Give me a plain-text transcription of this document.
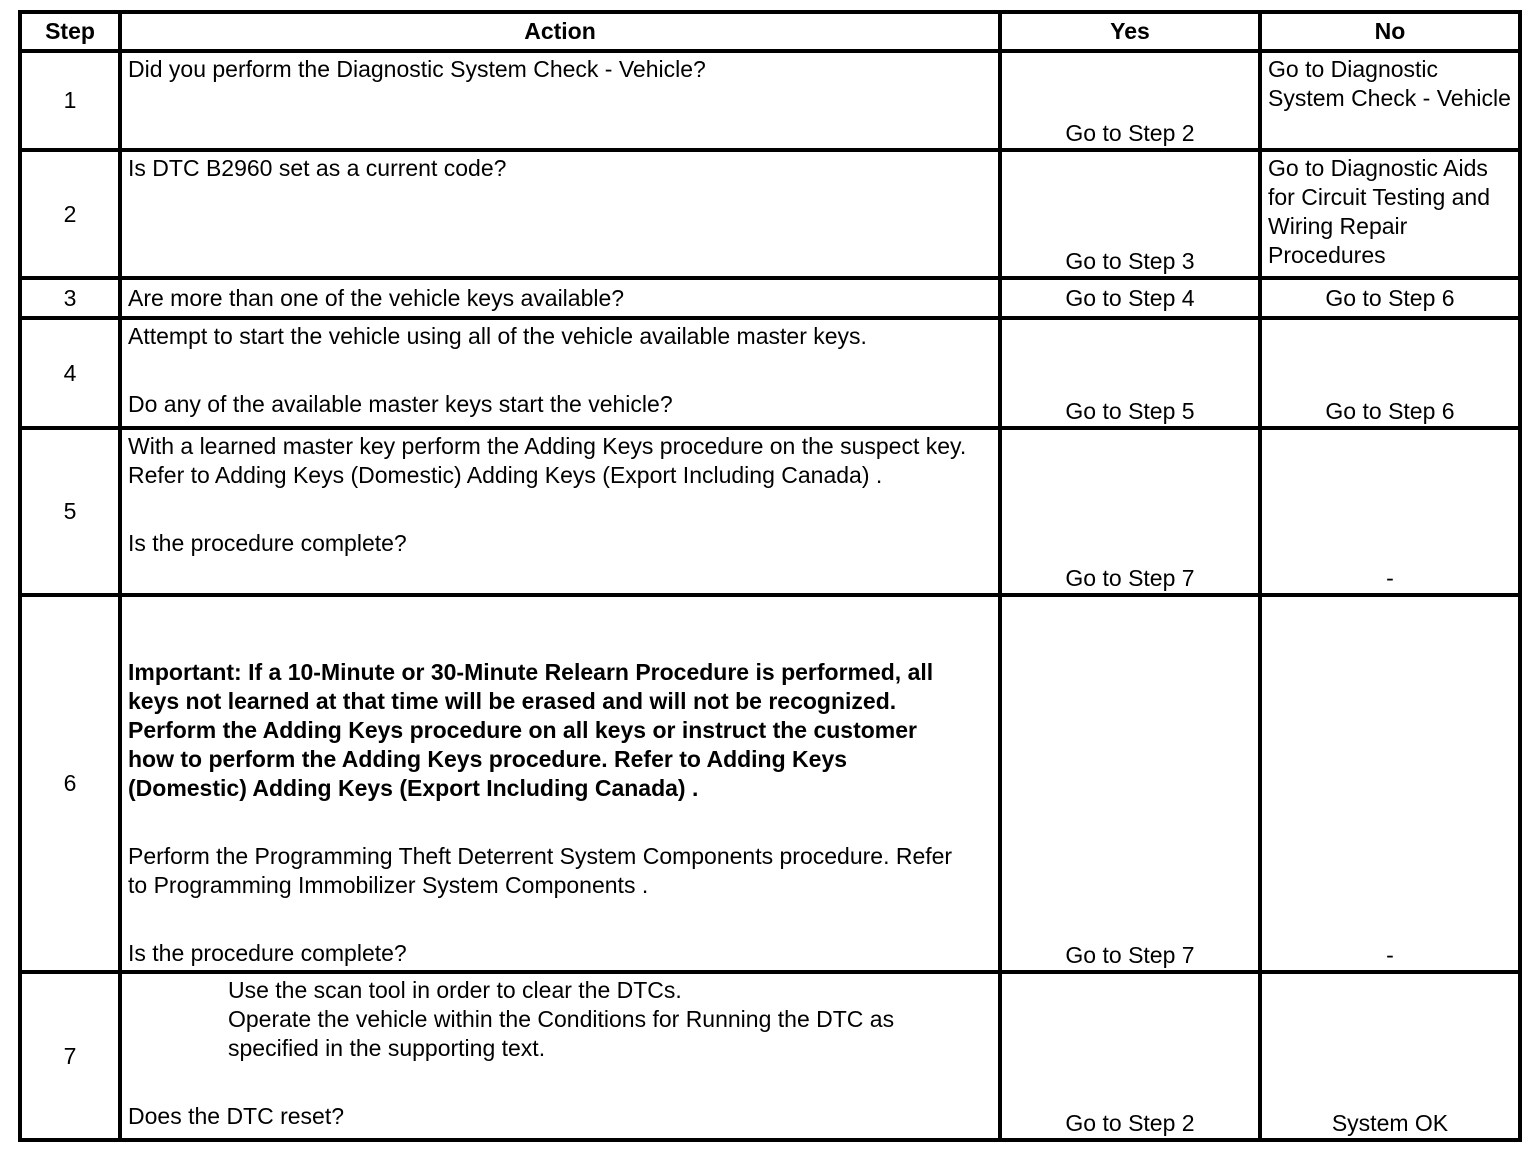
Step	Action	Yes	No
1	Did you perform the Diagnostic System Check - Vehicle?	Go to Step 2	Go to Diagnostic System Check - Vehicle
2	Is DTC B2960 set as a current code?	Go to Step 3	Go to Diagnostic Aids for Circuit Testing and Wiring Repair Procedures
3	Are more than one of the vehicle keys available?	Go to Step 4	Go to Step 6
4	Attempt to start the vehicle using all of the vehicle available master keys.

Do any of the available master keys start the vehicle?	Go to Step 5	Go to Step 6
5	With a learned master key perform the Adding Keys procedure on the suspect key. Refer to Adding Keys (Domestic) Adding Keys (Export Including Canada) .

Is the procedure complete?	Go to Step 7	-
6	Important: If a 10-Minute or 30-Minute Relearn Procedure is performed, all keys not learned at that time will be erased and will not be recognized. Perform the Adding Keys procedure on all keys or instruct the customer how to perform the Adding Keys procedure. Refer to Adding Keys (Domestic) Adding Keys (Export Including Canada) .

Perform the Programming Theft Deterrent System Components procedure. Refer to Programming Immobilizer System Components .

Is the procedure complete?	Go to Step 7	-
7	Use the scan tool in order to clear the DTCs.

Operate the vehicle within the Conditions for Running the DTC as specified in the supporting text.

Does the DTC reset?	Go to Step 2	System OK
